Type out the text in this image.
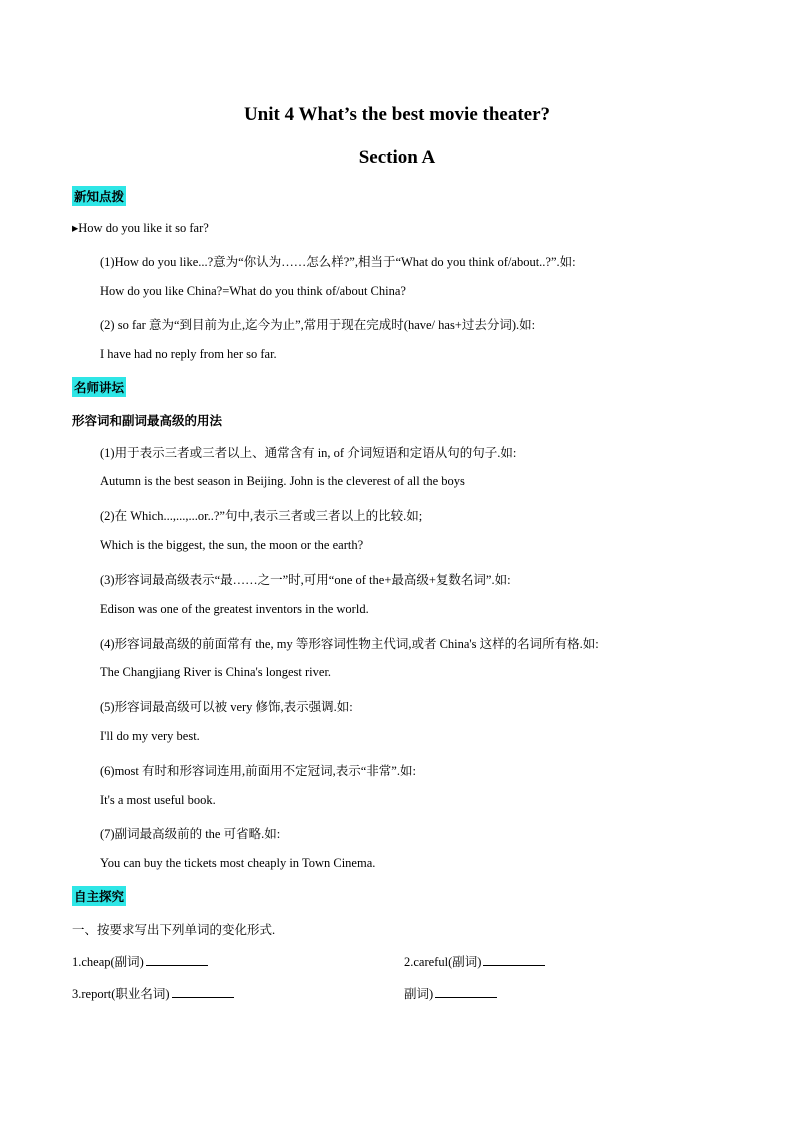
Unit 4 What’s the best movie theater?
Section A
新知点拨
▸How do you like it so far?
(1)How do you like...?意为“你认为……怎么样?”,相当于“What do you think of/about..?”.如:
How do you like China?=What do you think of/about China?
(2) so far 意为“到目前为止,迄今为止”,常用于现在完成时(have/ has+过去分词).如:
I have had no reply from her so far.
名师讲坛
形容词和副词最高级的用法
(1)用于表示三者或三者以上、通常含有 in, of 介词短语和定语从句的句子.如:
Autumn is the best season in Beijing. John is the cleverest of all the boys
(2)在 Which...,...,...or..?”句中,表示三者或三者以上的比较.如;
Which is the biggest, the sun, the moon or the earth?
(3)形容词最高级表示“最……之一”时,可用“one of the+最高级+复数名词”.如:
Edison was one of the greatest inventors in the world.
(4)形容词最高级的前面常有 the, my 等形容词性物主代词,或者 China's 这样的名词所有格.如:
The Changjiang River is China's longest river.
(5)形容词最高级可以被 very 修饰,表示强调.如:
I'll do my very best.
(6)most 有时和形容词连用,前面用不定冠词,表示“非常”.如:
It's a most useful book.
(7)副词最高级前的 the 可省略.如:
You can buy the tickets most cheaply in Town Cinema.
自主探究
一、按要求写出下列单词的变化形式.
1.cheap(副词)	2.careful(副词)
3.report(职业名词)	副词)
